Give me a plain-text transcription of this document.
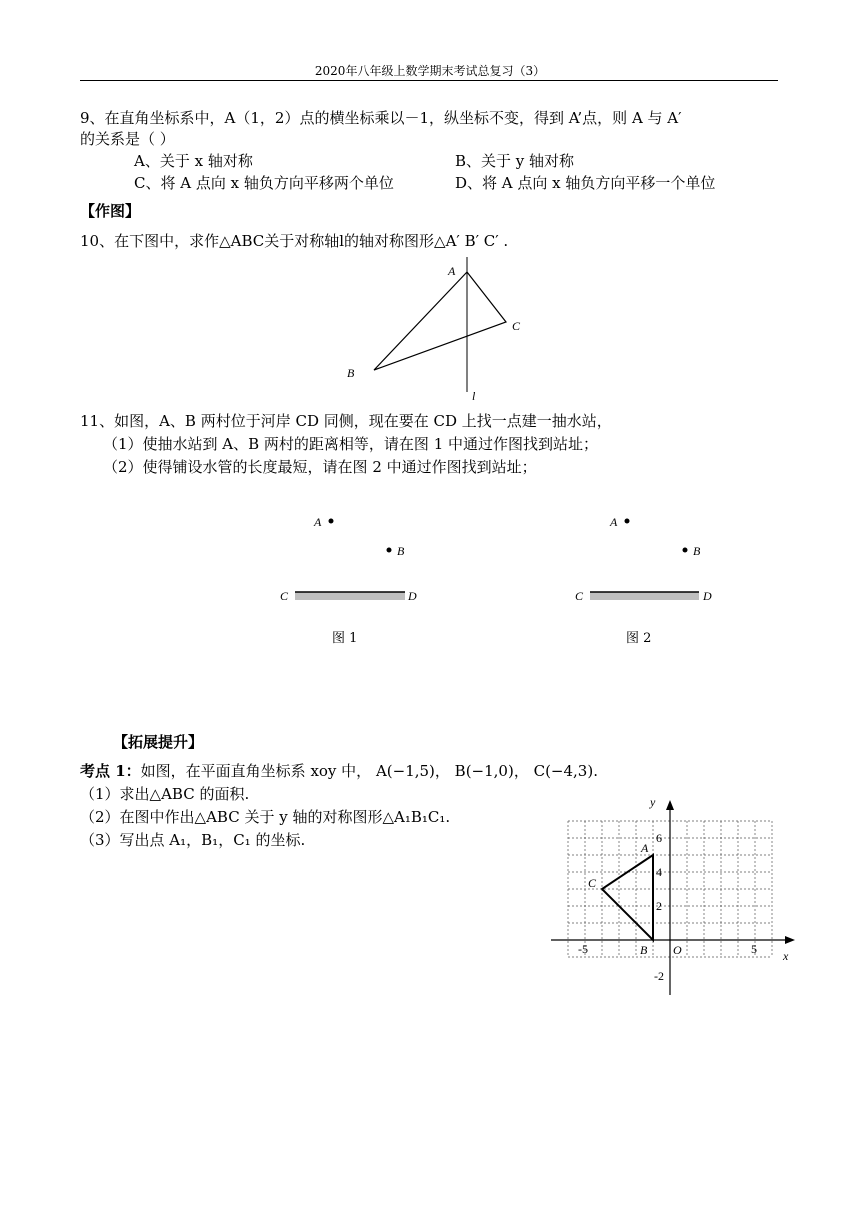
2020年八年级上数学期末考试总复习（3）
9、在直角坐标系中，A（1，2）点的横坐标乘以－1，纵坐标不变，得到 A’点，则 A 与 A′
的关系是（ ）
A、关于 x 轴对称	B、关于 y 轴对称
C、将 A 点向 x 轴负方向平移两个单位	D、将 A 点向 x 轴负方向平移一个单位
【作图】
10、在下图中，求作△ABC关于对称轴l的轴对称图形△A′ B′ C′ .
A
C
B
l
11、如图，A、B 两村位于河岸 CD 同侧，现在要在 CD 上找一点建一抽水站，
（1）使抽水站到 A、B 两村的距离相等，请在图 1 中通过作图找到站址；
（2）使得铺设水管的长度最短，请在图 2 中通过作图找到站址；
A
B
C	D
图 1
A
B
C	D
图 2
【拓展提升】
考点 1：如图，在平面直角坐标系 xoy 中， A(−1,5)， B(−1,0)， C(−4,3).
（1）求出△ABC 的面积.
（2）在图中作出△ABC 关于 y 轴的对称图形△A₁B₁C₁.
（3）写出点 A₁，B₁，C₁ 的坐标.
y
x
O
-5	5
2
4
6
-2
A
B
C
